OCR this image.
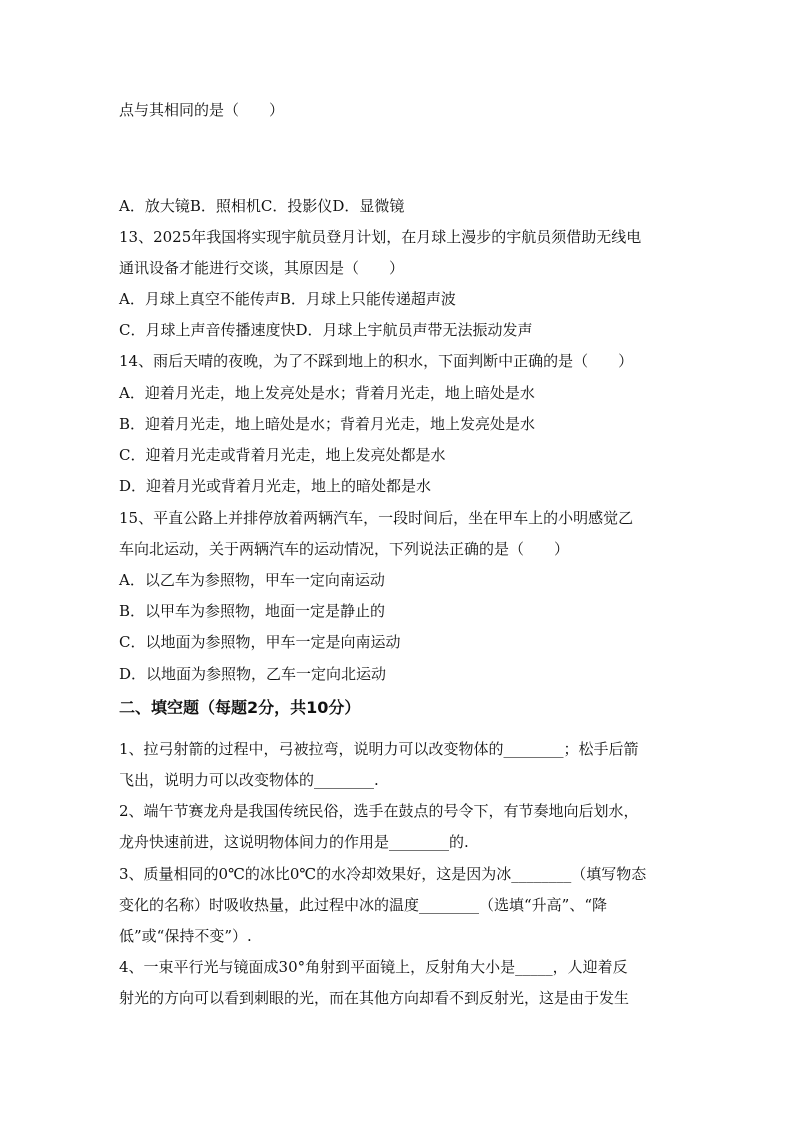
点与其相同的是（　　）
A．放大镜B．照相机C．投影仪D．显微镜
13、2025年我国将实现宇航员登月计划，在月球上漫步的宇航员须借助无线电
通讯设备才能进行交谈，其原因是（　　）
A．月球上真空不能传声B．月球上只能传递超声波
C．月球上声音传播速度快D．月球上宇航员声带无法振动发声
14、雨后天晴的夜晚，为了不踩到地上的积水，下面判断中正确的是（　　）
A．迎着月光走，地上发亮处是水；背着月光走，地上暗处是水
B．迎着月光走，地上暗处是水；背着月光走，地上发亮处是水
C．迎着月光走或背着月光走，地上发亮处都是水
D．迎着月光或背着月光走，地上的暗处都是水
15、平直公路上并排停放着两辆汽车，一段时间后，坐在甲车上的小明感觉乙
车向北运动，关于两辆汽车的运动情况，下列说法正确的是（　　）
A．以乙车为参照物，甲车一定向南运动
B．以甲车为参照物，地面一定是静止的
C．以地面为参照物，甲车一定是向南运动
D．以地面为参照物，乙车一定向北运动
二、填空题（每题2分，共10分）
1、拉弓射箭的过程中，弓被拉弯，说明力可以改变物体的________；松手后箭
飞出，说明力可以改变物体的________.
2、端午节赛龙舟是我国传统民俗，选手在鼓点的号令下，有节奏地向后划水，
龙舟快速前进，这说明物体间力的作用是________的.
3、质量相同的0℃的冰比0℃的水冷却效果好，这是因为冰________（填写物态
变化的名称）时吸收热量，此过程中冰的温度________（选填“升高”、“降
低”或“保持不变”）.
4、一束平行光与镜面成30°角射到平面镜上，反射角大小是_____，人迎着反
射光的方向可以看到刺眼的光，而在其他方向却看不到反射光，这是由于发生
